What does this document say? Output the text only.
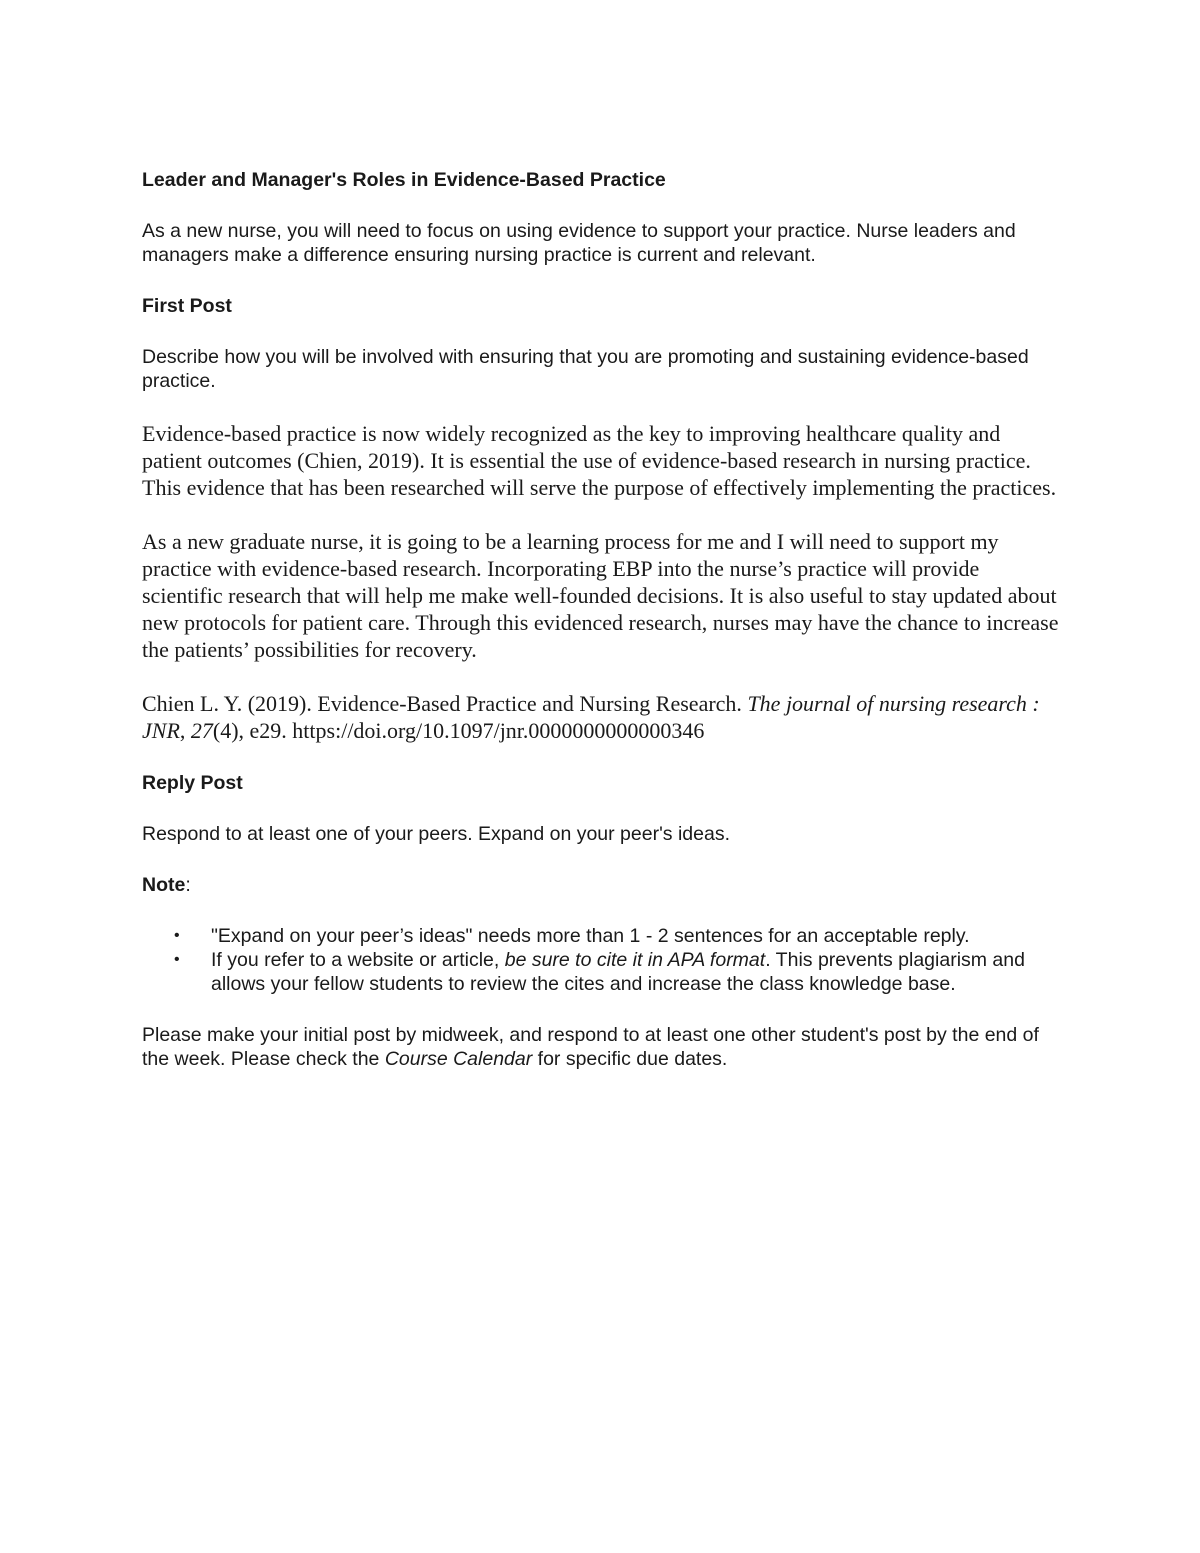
Leader and Manager's Roles in Evidence-Based Practice

As a new nurse, you will need to focus on using evidence to support your practice. Nurse leaders and managers make a difference ensuring nursing practice is current and relevant.

First Post

Describe how you will be involved with ensuring that you are promoting and sustaining evidence-based practice.

Evidence-based practice is now widely recognized as the key to improving healthcare quality and patient outcomes (Chien, 2019). It is essential the use of evidence-based research in nursing practice. This evidence that has been researched will serve the purpose of effectively implementing the practices.

As a new graduate nurse, it is going to be a learning process for me and I will need to support my practice with evidence-based research. Incorporating EBP into the nurse’s practice will provide scientific research that will help me make well-founded decisions. It is also useful to stay updated about new protocols for patient care. Through this evidenced research, nurses may have the chance to increase the patients’ possibilities for recovery.

Chien L. Y. (2019). Evidence-Based Practice and Nursing Research. The journal of nursing research : JNR, 27(4), e29. https://doi.org/10.1097/jnr.0000000000000346

Reply Post

Respond to at least one of your peers. Expand on your peer's ideas.

Note:

• "Expand on your peer’s ideas" needs more than 1 - 2 sentences for an acceptable reply.
• If you refer to a website or article, be sure to cite it in APA format. This prevents plagiarism and allows your fellow students to review the cites and increase the class knowledge base.

Please make your initial post by midweek, and respond to at least one other student's post by the end of the week. Please check the Course Calendar for specific due dates.
